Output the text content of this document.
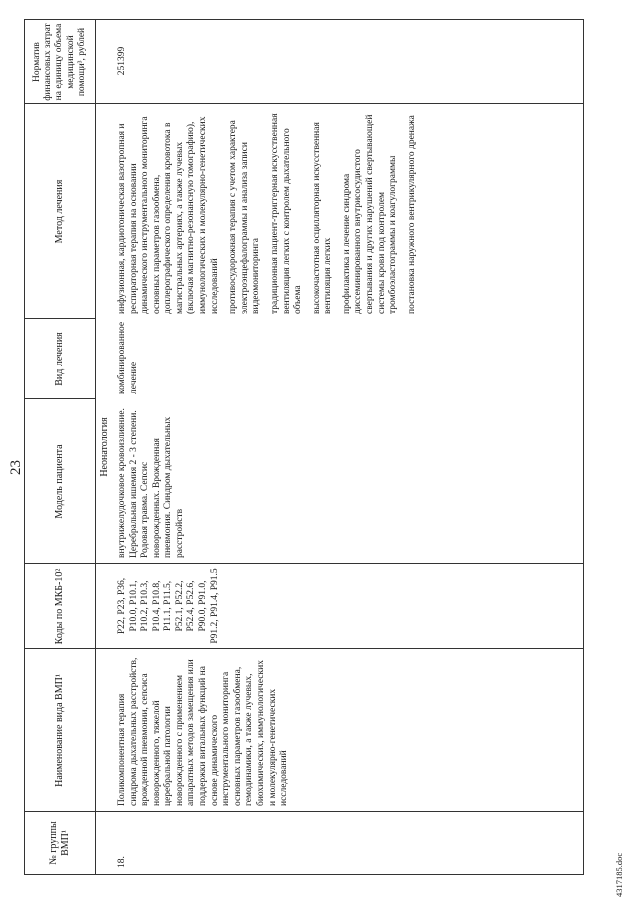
23
№ группы ВМП¹
Наименование вида ВМП¹
Коды по МКБ-10²
Модель пациента
Вид лечения
Метод лечения
Норматив финансовых затрат на единицу объема медицинской помощи³, рублей
Неонатология
18.
Поликомпонентная терапия синдрома дыхательных расстройств, врожденной пневмонии, сепсиса новорожденного, тяжелой церебральной патологии новорожденного с применением аппаратных методов замещения или поддержки витальных функций на основе динамического инструментального мониторинга основных параметров газообмена, гемодинамики, а также лучевых, биохимических, иммунологических и молекулярно-генетических исследований
P22, P23, P36, P10.0, P10.1, P10.2, P10.3, P10.4, P10.8, P11.1, P11.5, P52.1, P52.2, P52.4, P52.6, P90.0, P91.0, P91.2, P91.4, P91.5
внутрижелудочковое кровоизлияние. Церебральная ишемия 2 - 3 степени. Родовая травма. Сепсис новорожденных. Врожденная пневмония. Синдром дыхательных расстройств
комбинированное лечение

инфузионная, кардиотоническая вазотропная и респираторная терапия на основании динамического инструментального мониторинга основных параметров газообмена, доплерографического определения кровотока в магистральных артериях, а также лучевых (включая магнитно-резонансную томографию), иммунологических и молекулярно-генетических исследований противосудорожная терапия с учетом характера электроэнцефалограммы и анализа записи видеомониторинга традиционная пациент-триггерная искусственная вентиляция легких с контролем дыхательного объема высокочастотная осцилляторная искусственная вентиляция легких профилактика и лечение синдрома диссеминированного внутрисосудистого свертывания и других нарушений свертывающей системы крови под контролем тромбоэластограммы и коагулограммы постановка наружного вентрикулярного дренажа

251399
4317185.doc
